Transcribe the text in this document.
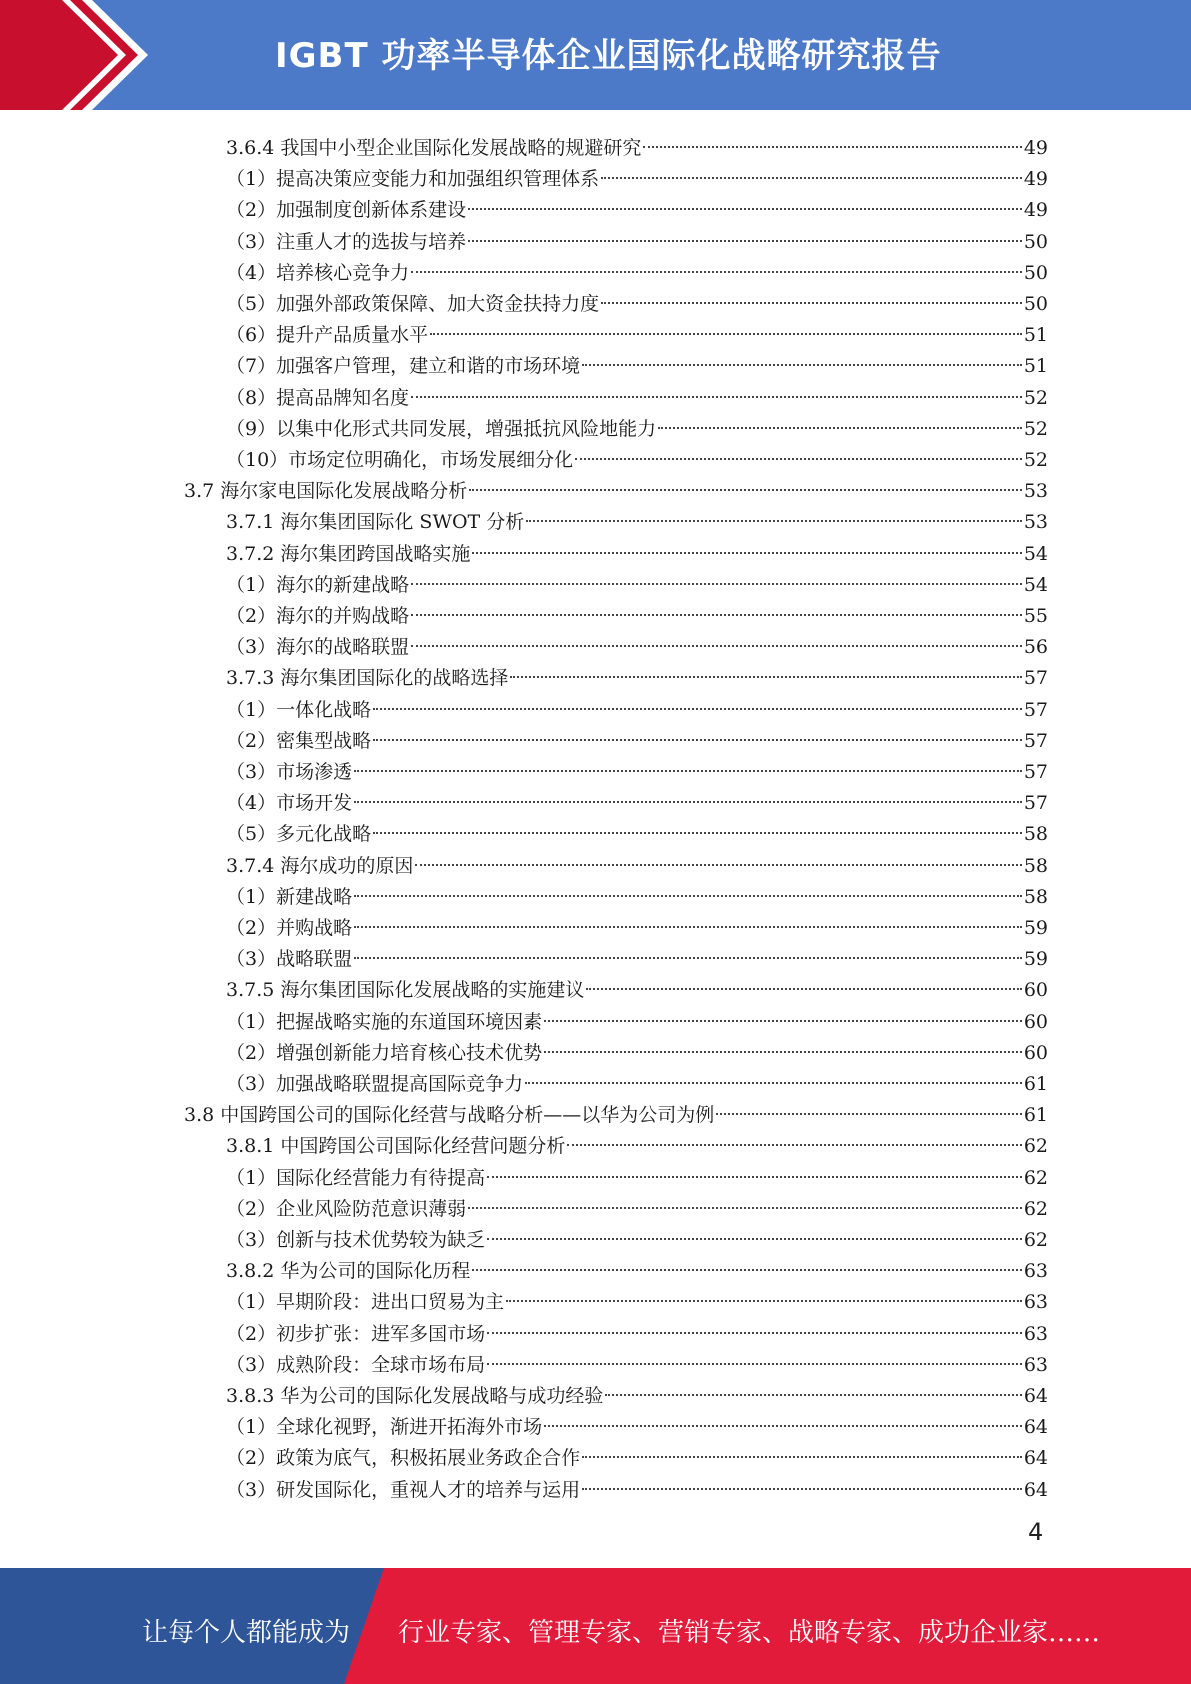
IGBT 功率半导体企业国际化战略研究报告
3.6.4 我国中小型企业国际化发展战略的规避研究	49
（1）提高决策应变能力和加强组织管理体系	49
（2）加强制度创新体系建设	49
（3）注重人才的选拔与培养	50
（4）培养核心竞争力	50
（5）加强外部政策保障、加大资金扶持力度	50
（6）提升产品质量水平	51
（7）加强客户管理，建立和谐的市场环境	51
（8）提高品牌知名度	52
（9）以集中化形式共同发展，增强抵抗风险地能力	52
（10）市场定位明确化，市场发展细分化	52
3.7 海尔家电国际化发展战略分析	53
3.7.1 海尔集团国际化 SWOT 分析	53
3.7.2 海尔集团跨国战略实施	54
（1）海尔的新建战略	54
（2）海尔的并购战略	55
（3）海尔的战略联盟	56
3.7.3 海尔集团国际化的战略选择	57
（1）一体化战略	57
（2）密集型战略	57
（3）市场渗透	57
（4）市场开发	57
（5）多元化战略	58
3.7.4 海尔成功的原因	58
（1）新建战略	58
（2）并购战略	59
（3）战略联盟	59
3.7.5 海尔集团国际化发展战略的实施建议	60
（1）把握战略实施的东道国环境因素	60
（2）增强创新能力培育核心技术优势	60
（3）加强战略联盟提高国际竞争力	61
3.8 中国跨国公司的国际化经营与战略分析——以华为公司为例	61
3.8.1 中国跨国公司国际化经营问题分析	62
（1）国际化经营能力有待提高	62
（2）企业风险防范意识薄弱	62
（3）创新与技术优势较为缺乏	62
3.8.2 华为公司的国际化历程	63
（1）早期阶段：进出口贸易为主	63
（2）初步扩张：进军多国市场	63
（3）成熟阶段：全球市场布局	63
3.8.3 华为公司的国际化发展战略与成功经验	64
（1）全球化视野，渐进开拓海外市场	64
（2）政策为底气，积极拓展业务政企合作	64
（3）研发国际化，重视人才的培养与运用	64
4
让每个人都能成为 行业专家、管理专家、营销专家、战略专家、成功企业家……
